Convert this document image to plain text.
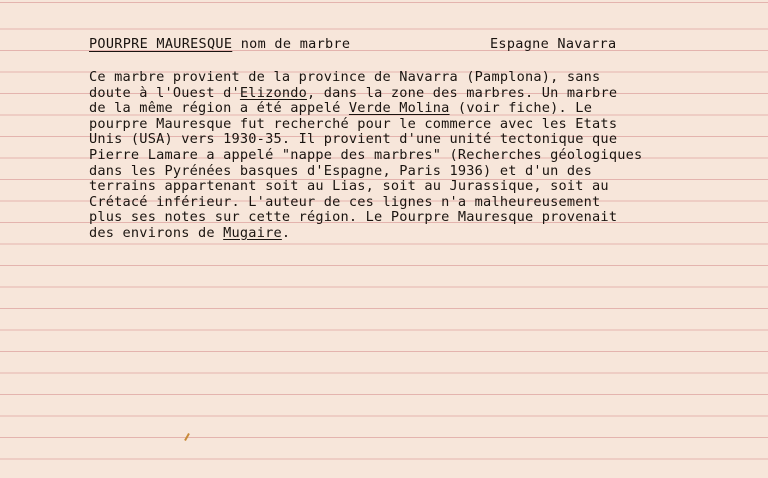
POURPRE MAURESQUE nom de marbre	Espagne Navarra
Ce marbre provient de la province de Navarra (Pamplona), sans
doute à l'Ouest d'Elizondo, dans la zone des marbres. Un marbre
de la même région a été appelé Verde Molina (voir fiche). Le
pourpre Mauresque fut recherché pour le commerce avec les Etats
Unis (USA) vers 1930-35. Il provient d'une unité tectonique que
Pierre Lamare a appelé "nappe des marbres" (Recherches géologiques
dans les Pyrénées basques d'Espagne, Paris 1936) et d'un des
terrains appartenant soit au Lias, soit au Jurassique, soit au
Crétacé inférieur. L'auteur de ces lignes n'a malheureusement
plus ses notes sur cette région. Le Pourpre Mauresque provenait
des environs de Mugaire.
